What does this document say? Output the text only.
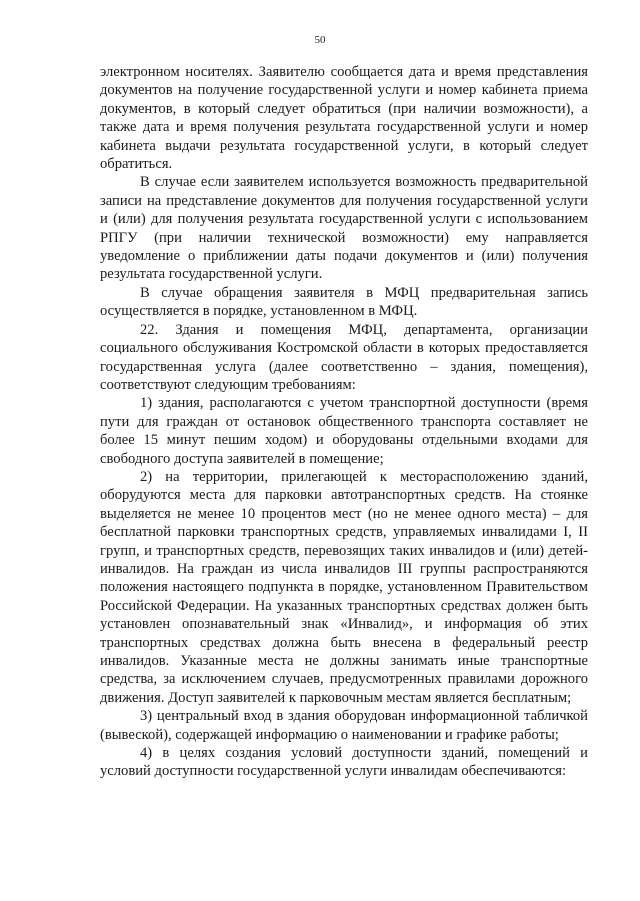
50

электронном носителях. Заявителю сообщается дата и время представления документов на получение государственной услуги и номер кабинета приема документов, в который следует обратиться (при наличии возможности), а также дата и время получения результата государственной услуги и номер кабинета выдачи результата государственной услуги, в который следует обратиться.

В случае если заявителем используется возможность предварительной записи на представление документов для получения государственной услуги и (или) для получения результата государственной услуги с использованием РПГУ (при наличии технической возможности) ему направляется уведомление о приближении даты подачи документов и (или) получения результата государственной услуги.

В случае обращения заявителя в МФЦ предварительная запись осуществляется в порядке, установленном в МФЦ.

22. Здания и помещения МФЦ, департамента, организации социального обслуживания Костромской области в которых предоставляется государственная услуга (далее соответственно – здания, помещения), соответствуют следующим требованиям:

1) здания, располагаются с учетом транспортной доступности (время пути для граждан от остановок общественного транспорта составляет не более 15 минут пешим ходом) и оборудованы отдельными входами для свободного доступа заявителей в помещение;

2) на территории, прилегающей к месторасположению зданий, оборудуются места для парковки автотранспортных средств. На стоянке выделяется не менее 10 процентов мест (но не менее одного места) – для бесплатной парковки транспортных средств, управляемых инвалидами I, II групп, и транспортных средств, перевозящих таких инвалидов и (или) детей-инвалидов. На граждан из числа инвалидов III группы распространяются положения настоящего подпункта в порядке, установленном Правительством Российской Федерации. На указанных транспортных средствах должен быть установлен опознавательный знак «Инвалид», и информация об этих транспортных средствах должна быть внесена в федеральный реестр инвалидов. Указанные места не должны занимать иные транспортные средства, за исключением случаев, предусмотренных правилами дорожного движения. Доступ заявителей к парковочным местам является бесплатным;

3) центральный вход в здания оборудован информационной табличкой (вывеской), содержащей информацию о наименовании и графике работы;

4) в целях создания условий доступности зданий, помещений и условий доступности государственной услуги инвалидам обеспечиваются:
